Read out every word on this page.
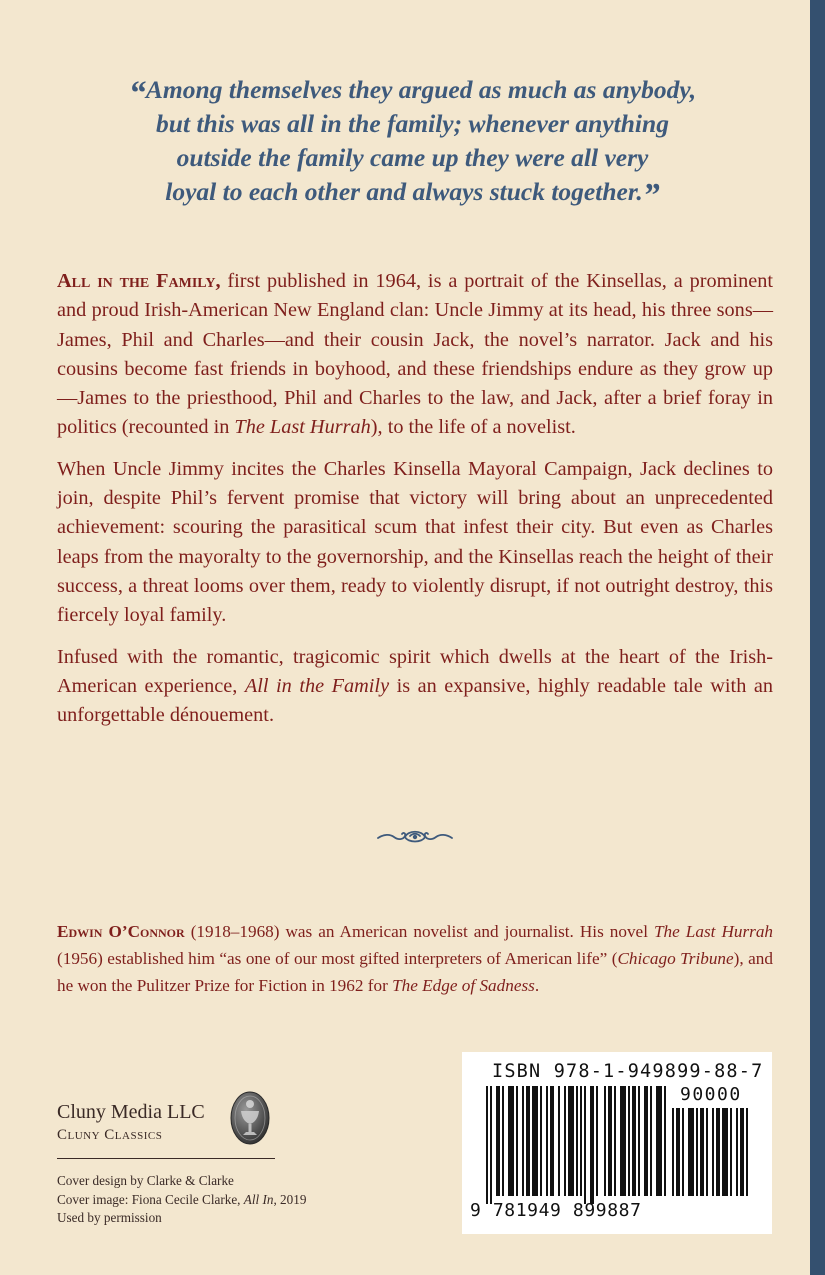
“Among themselves they argued as much as anybody,
but this was all in the family; whenever anything
outside the family came up they were all very
loyal to each other and always stuck together.”

All in the Family, first published in 1964, is a portrait of the Kinsellas, a prominent and proud Irish-American New England clan: Uncle Jimmy at its head, his three sons—James, Phil and Charles—and their cousin Jack, the novel’s narrator. Jack and his cousins become fast friends in boyhood, and these friendships endure as they grow up—James to the priesthood, Phil and Charles to the law, and Jack, after a brief foray in politics (recounted in The Last Hurrah), to the life of a novelist.

When Uncle Jimmy incites the Charles Kinsella Mayoral Campaign, Jack declines to join, despite Phil’s fervent promise that victory will bring about an unprecedented achievement: scouring the parasitical scum that infest their city. But even as Charles leaps from the mayoralty to the governorship, and the Kinsellas reach the height of their success, a threat looms over them, ready to violently disrupt, if not outright destroy, this fiercely loyal family.

Infused with the romantic, tragicomic spirit which dwells at the heart of the Irish-American experience, All in the Family is an expansive, highly readable tale with an unforgettable dénouement.

Edwin O’Connor (1918–1968) was an American novelist and journalist. His novel The Last Hurrah (1956) established him “as one of our most gifted interpreters of American life” (Chicago Tribune), and he won the Pulitzer Prize for Fiction in 1962 for The Edge of Sadness.
Cluny Media LLC
Cluny Classics
Cover design by Clarke & Clarke
Cover image: Fiona Cecile Clarke, All In, 2019
Used by permission
ISBN 978-1-949899-88-7
90000
9 781949 899887
